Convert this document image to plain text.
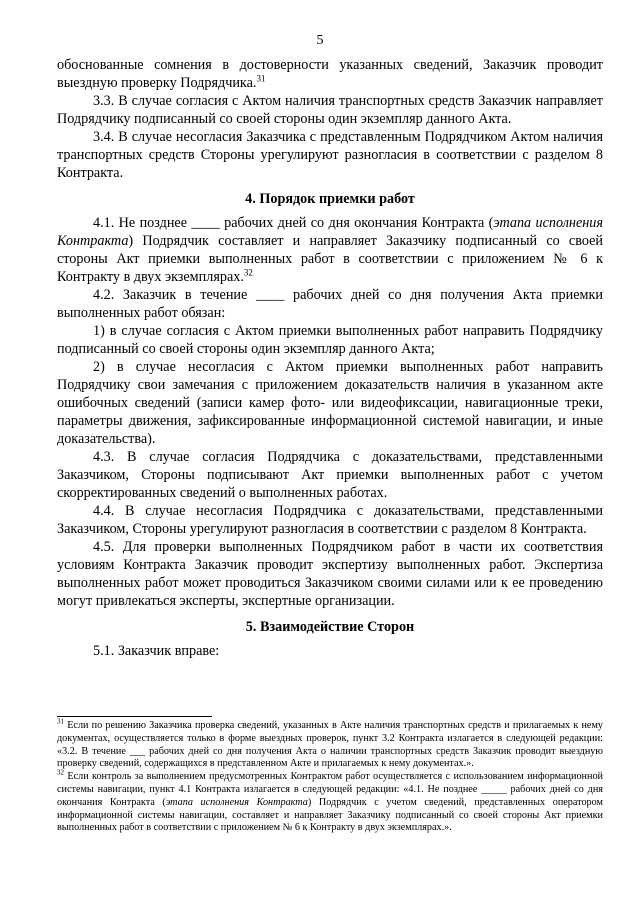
5

обоснованные сомнения в достоверности указанных сведений, Заказчик проводит выездную проверку Подрядчика.$^{31}$

3.3. В случае согласия с Актом наличия транспортных средств Заказчик направляет Подрядчику подписанный со своей стороны один экземпляр данного Акта.

3.4. В случае несогласия Заказчика с представленным Подрядчиком Актом наличия транспортных средств Стороны урегулируют разногласия в соответствии с разделом 8 Контракта.

4. Порядок приемки работ

4.1. Не позднее ____ рабочих дней со дня окончания Контракта (этапа исполнения Контракта) Подрядчик составляет и направляет Заказчику подписанный со своей стороны Акт приемки выполненных работ в соответствии с приложением № 6 к Контракту в двух экземплярах.$^{32}$

4.2. Заказчик в течение ____ рабочих дней со дня получения Акта приемки выполненных работ обязан:

1) в случае согласия с Актом приемки выполненных работ направить Подрядчику подписанный со своей стороны один экземпляр данного Акта;

2) в случае несогласия с Актом приемки выполненных работ направить Подрядчику свои замечания с приложением доказательств наличия в указанном акте ошибочных сведений (записи камер фото- или видеофиксации, навигационные треки, параметры движения, зафиксированные информационной системой навигации, и иные доказательства).

4.3. В случае согласия Подрядчика с доказательствами, представленными Заказчиком, Стороны подписывают Акт приемки выполненных работ с учетом скорректированных сведений о выполненных работах.

4.4. В случае несогласия Подрядчика с доказательствами, представленными Заказчиком, Стороны урегулируют разногласия в соответствии с разделом 8 Контракта.

4.5. Для проверки выполненных Подрядчиком работ в части их соответствия условиям Контракта Заказчик проводит экспертизу выполненных работ. Экспертиза выполненных работ может проводиться Заказчиком своими силами или к ее проведению могут привлекаться эксперты, экспертные организации.

5. Взаимодействие Сторон

5.1. Заказчик вправе:

$^{31}$ Если по решению Заказчика проверка сведений, указанных в Акте наличия транспортных средств и прилагаемых к нему документах, осуществляется только в форме выездных проверок, пункт 3.2 Контракта излагается в следующей редакции: «3.2. В течение ___ рабочих дней со дня получения Акта о наличии транспортных средств Заказчик проводит выездную проверку сведений, содержащихся в представленном Акте и прилагаемых к нему документах.».

$^{32}$ Если контроль за выполнением предусмотренных Контрактом работ осуществляется с использованием информационной системы навигации, пункт 4.1 Контракта излагается в следующей редакции: «4.1. Не позднее _____ рабочих дней со дня окончания Контракта (этапа исполнения Контракта) Подрядчик с учетом сведений, представленных оператором информационной системы навигации, составляет и направляет Заказчику подписанный со своей стороны Акт приемки выполненных работ в соответствии с приложением № 6 к Контракту в двух экземплярах.».
